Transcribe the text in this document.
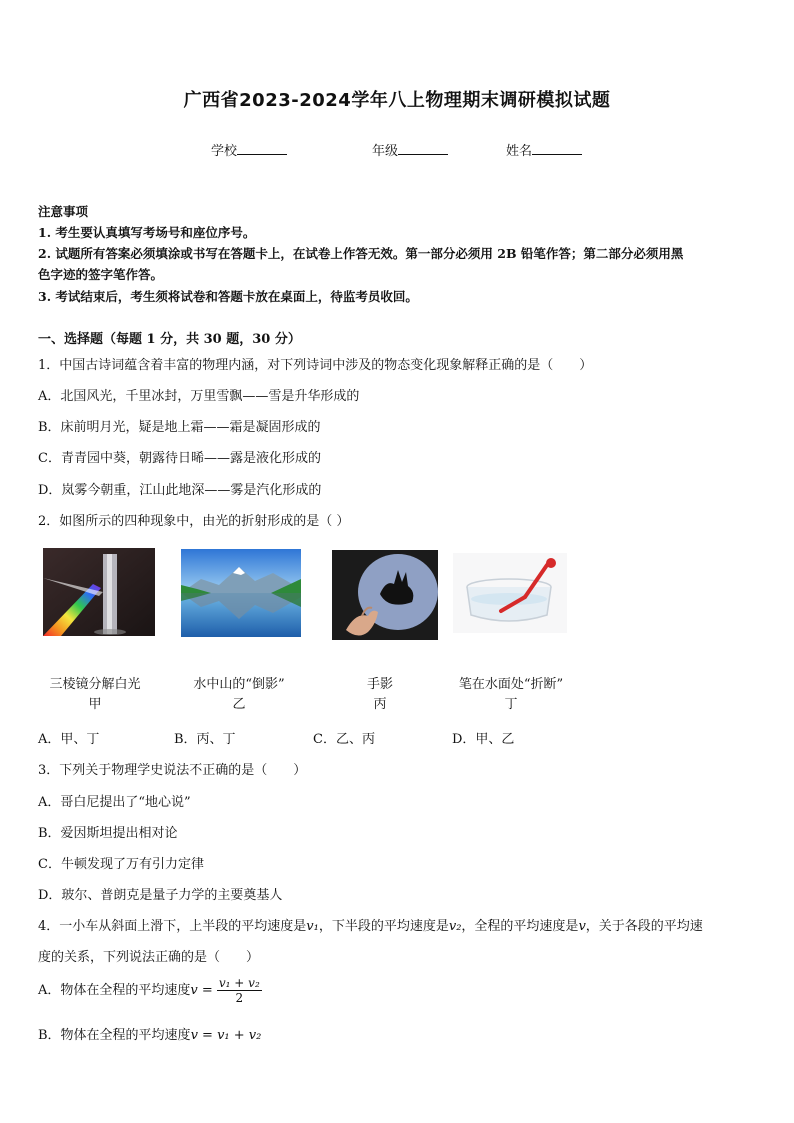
广西省2023-2024学年八上物理期末调研模拟试题
学校	年级	姓名
注意事项
1. 考生要认真填写考场号和座位序号。
2. 试题所有答案必须填涂或书写在答题卡上，在试卷上作答无效。第一部分必须用 2B 铅笔作答；第二部分必须用黑
色字迹的签字笔作答。
3. 考试结束后，考生须将试卷和答题卡放在桌面上，待监考员收回。
一、选择题（每题 1 分，共 30 题，30 分）
1．中国古诗词蕴含着丰富的物理内涵，对下列诗词中涉及的物态变化现象解释正确的是（　　）
A．北国风光，千里冰封，万里雪飘——雪是升华形成的
B．床前明月光，疑是地上霜——霜是凝固形成的
C．青青园中葵，朝露待日晞——露是液化形成的
D．岚雾今朝重，江山此地深——雾是汽化形成的
2．如图所示的四种现象中，由光的折射形成的是（ ）
三棱镜分解白光
甲
水中山的“倒影”
乙
手影
丙
笔在水面处“折断”
丁
A．甲、丁	B．丙、丁	C．乙、丙	D．甲、乙
3．下列关于物理学史说法不正确的是（　　）
A．哥白尼提出了“地心说”
B．爱因斯坦提出相对论
C．牛顿发现了万有引力定律
D．玻尔、普朗克是量子力学的主要奠基人
4．一小车从斜面上滑下，上半段的平均速度是v₁，下半段的平均速度是v₂，全程的平均速度是v，关于各段的平均速
度的关系，下列说法正确的是（　　）
A．物体在全程的平均速度$v = \frac{\text{v₁ + v₂}}{2}$
B．物体在全程的平均速度v = v₁ + v₂
